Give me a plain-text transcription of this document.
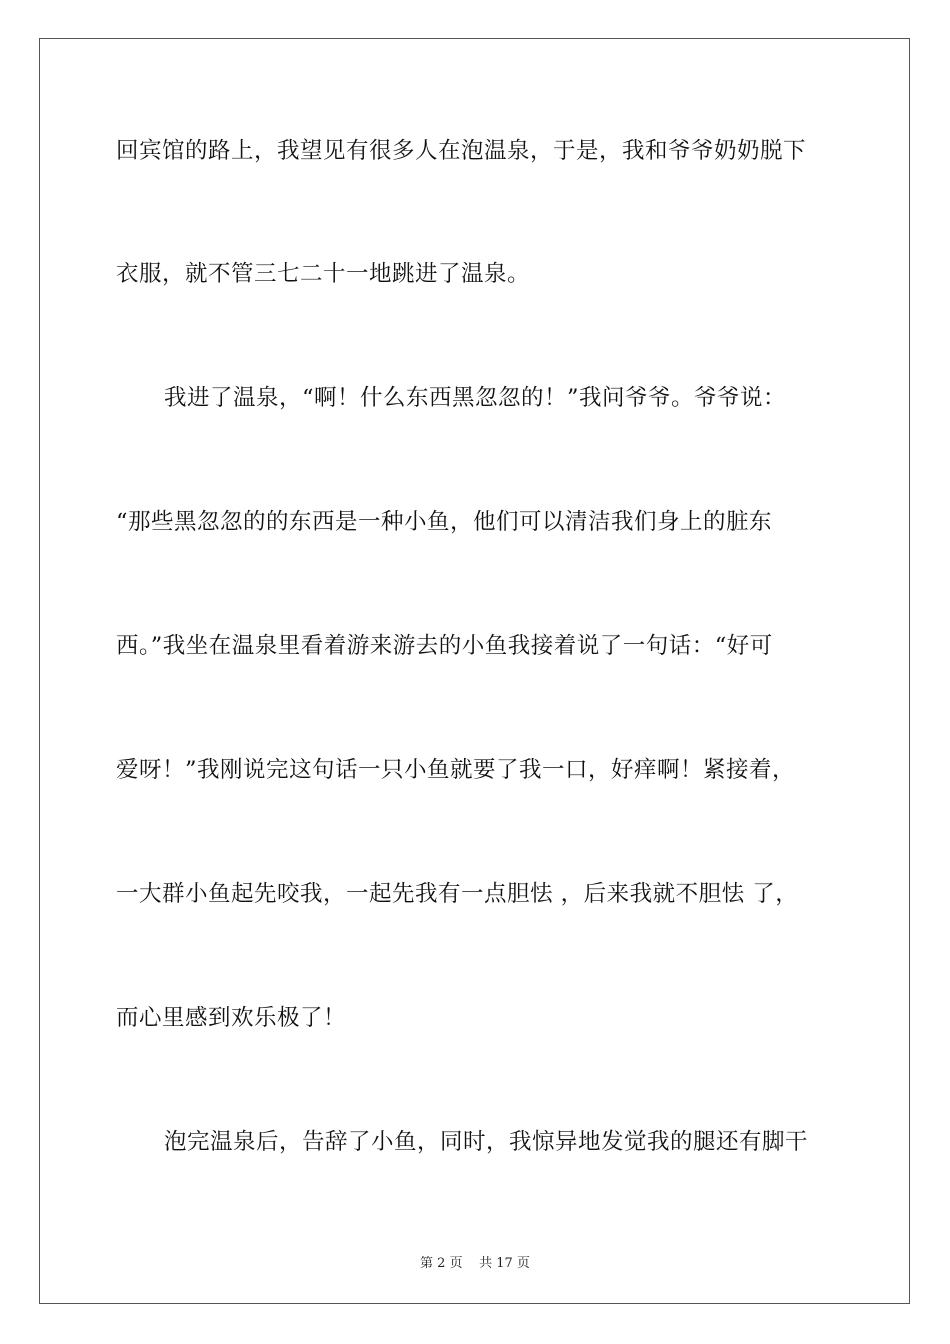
回宾馆的路上，我望见有很多人在泡温泉，于是，我和爷爷奶奶脱下
衣服，就不管三七二十一地跳进了温泉。
我进了温泉，“啊！什么东西黑忽忽的！”我问爷爷。爷爷说：
“那些黑忽忽的的东西是一种小鱼，他们可以清洁我们身上的脏东
西。”我坐在温泉里看着游来游去的小鱼我接着说了一句话：“好可
爱呀！”我刚说完这句话一只小鱼就要了我一口，好痒啊！紧接着，
一大群小鱼起先咬我，一起先我有一点胆怯 ，后来我就不胆怯 了，
而心里感到欢乐极了！
泡完温泉后，告辞了小鱼，同时，我惊异地发觉我的腿还有脚干
第 2 页 共 17 页
